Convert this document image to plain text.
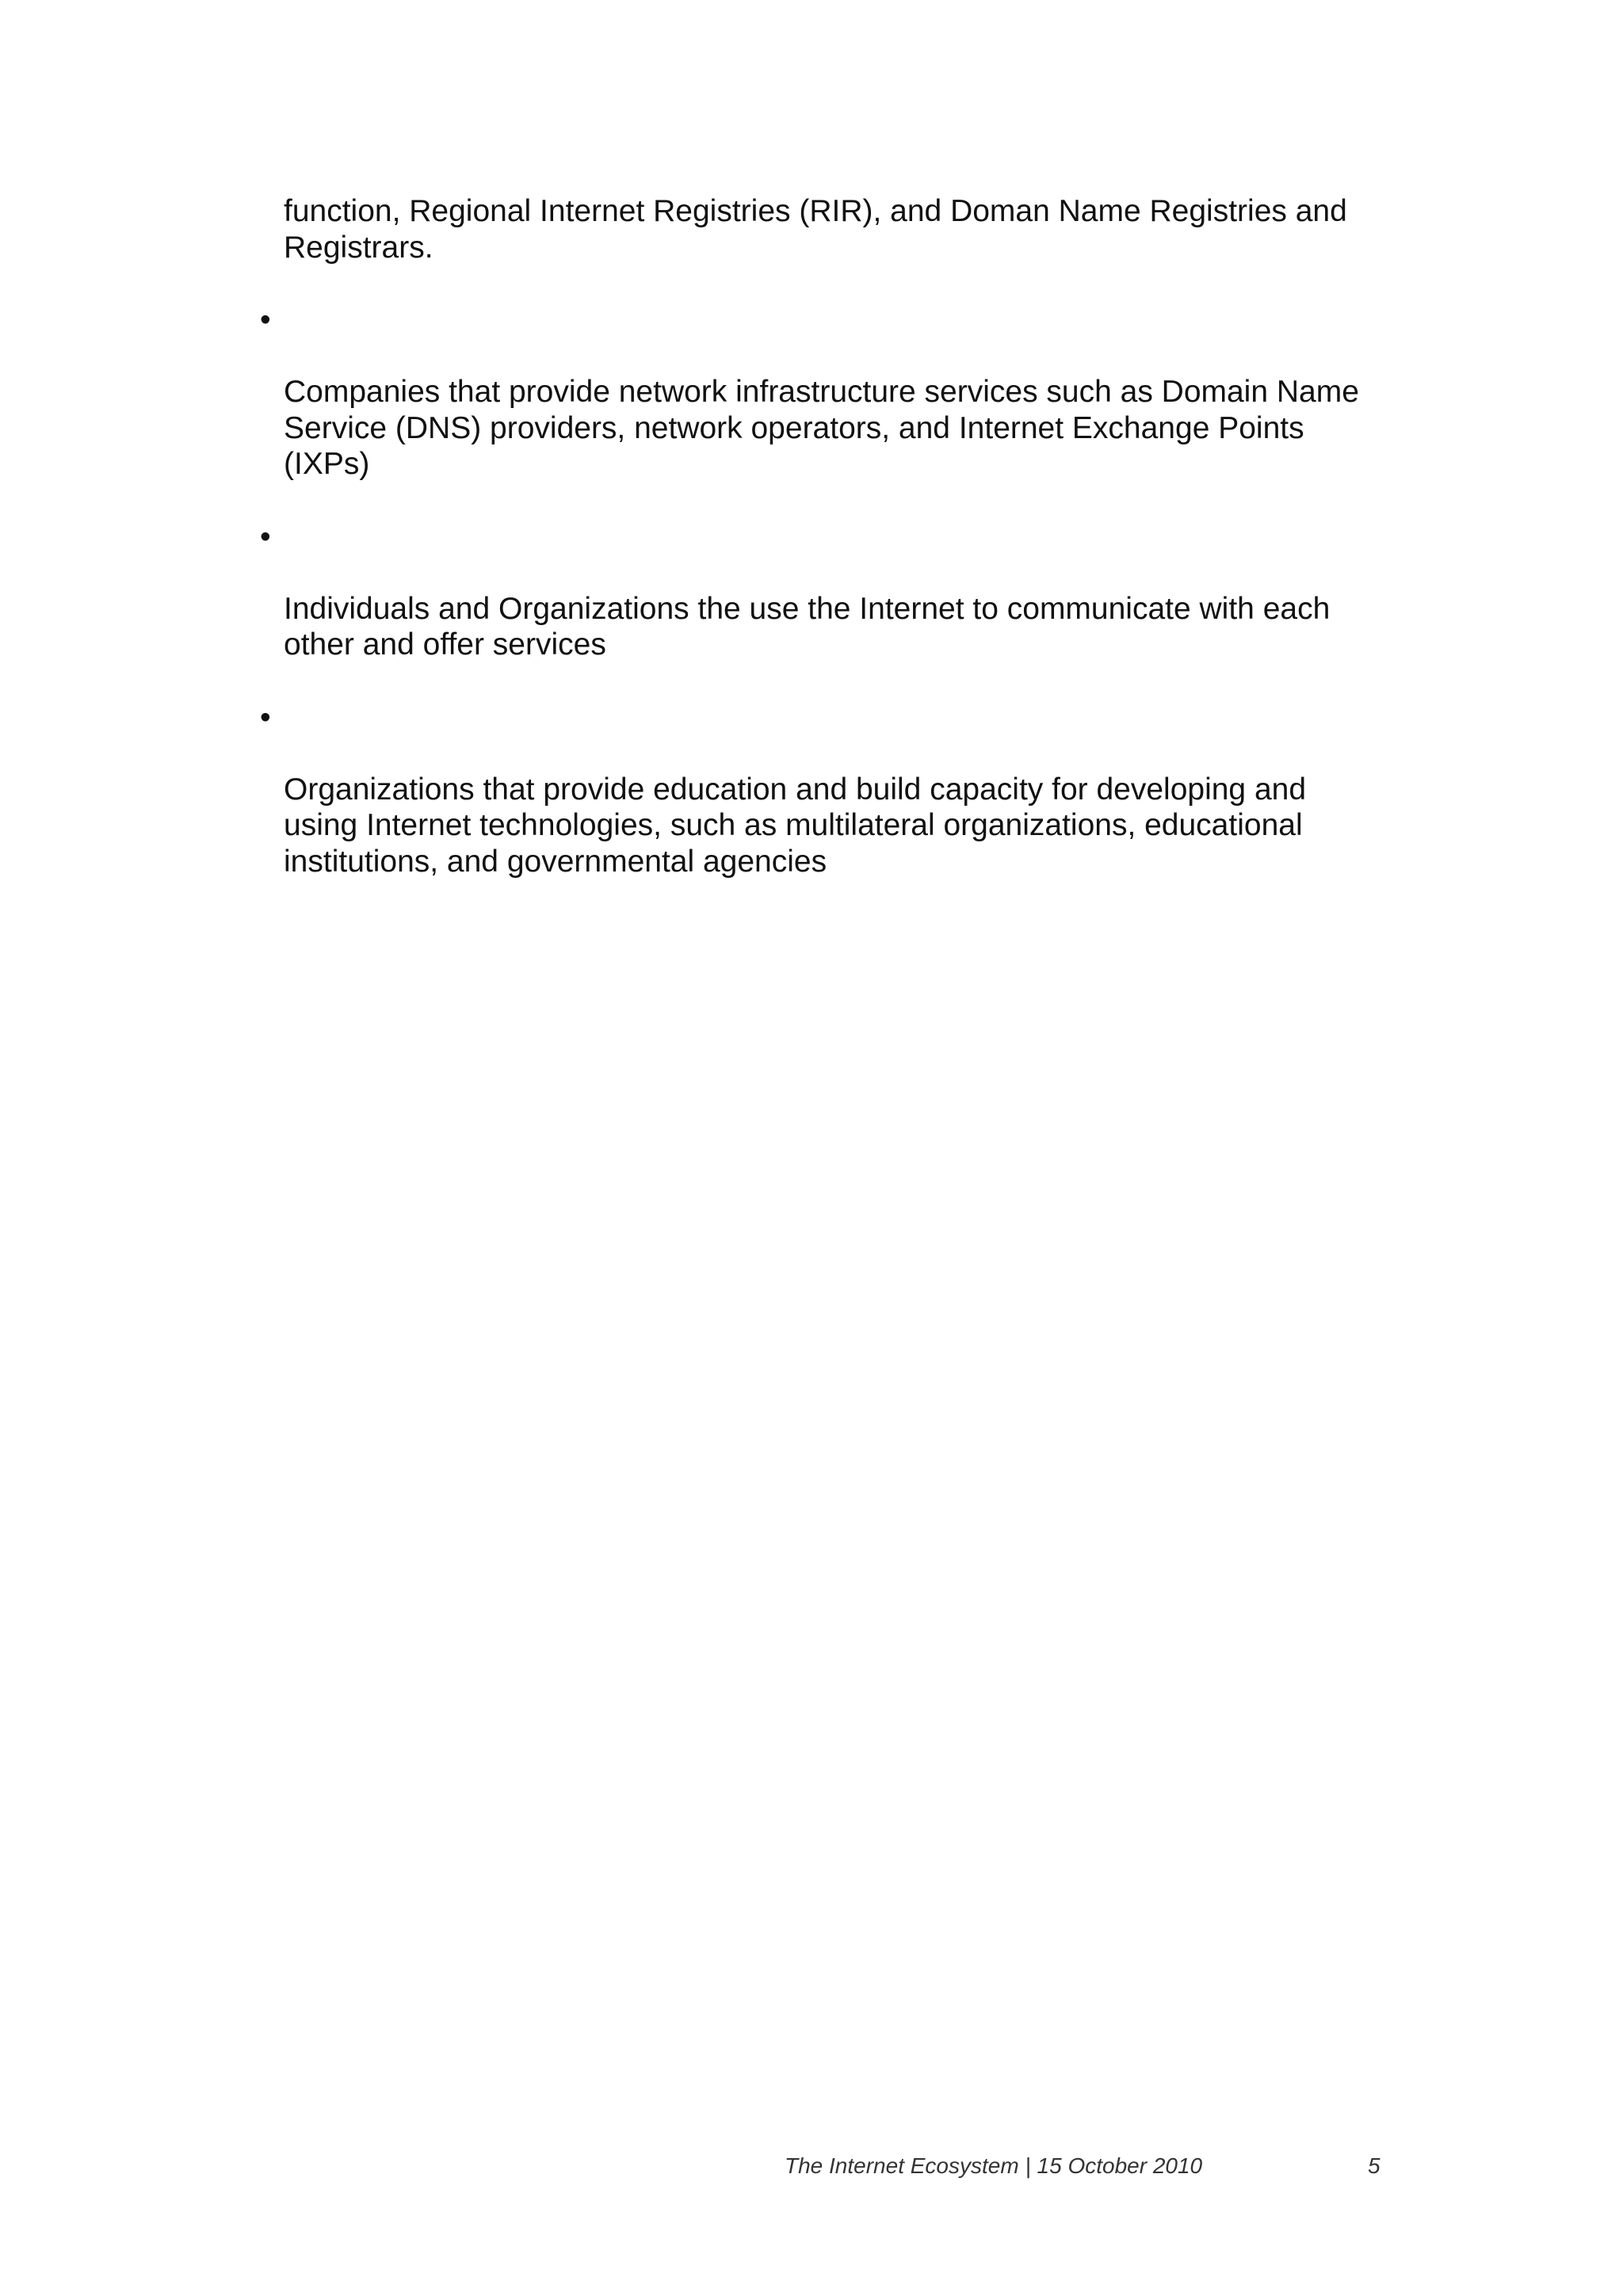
function, Regional Internet Registries (RIR), and Doman Name Registries and
Registrars.

•

Companies that provide network infrastructure services such as Domain Name
Service (DNS) providers, network operators, and Internet Exchange Points
(IXPs)

•

Individuals and Organizations the use the Internet to communicate with each
other and offer services

•

Organizations that provide education and build capacity for developing and
using Internet technologies, such as multilateral organizations, educational
institutions, and governmental agencies

The Internet Ecosystem | 15 October 2010	5
